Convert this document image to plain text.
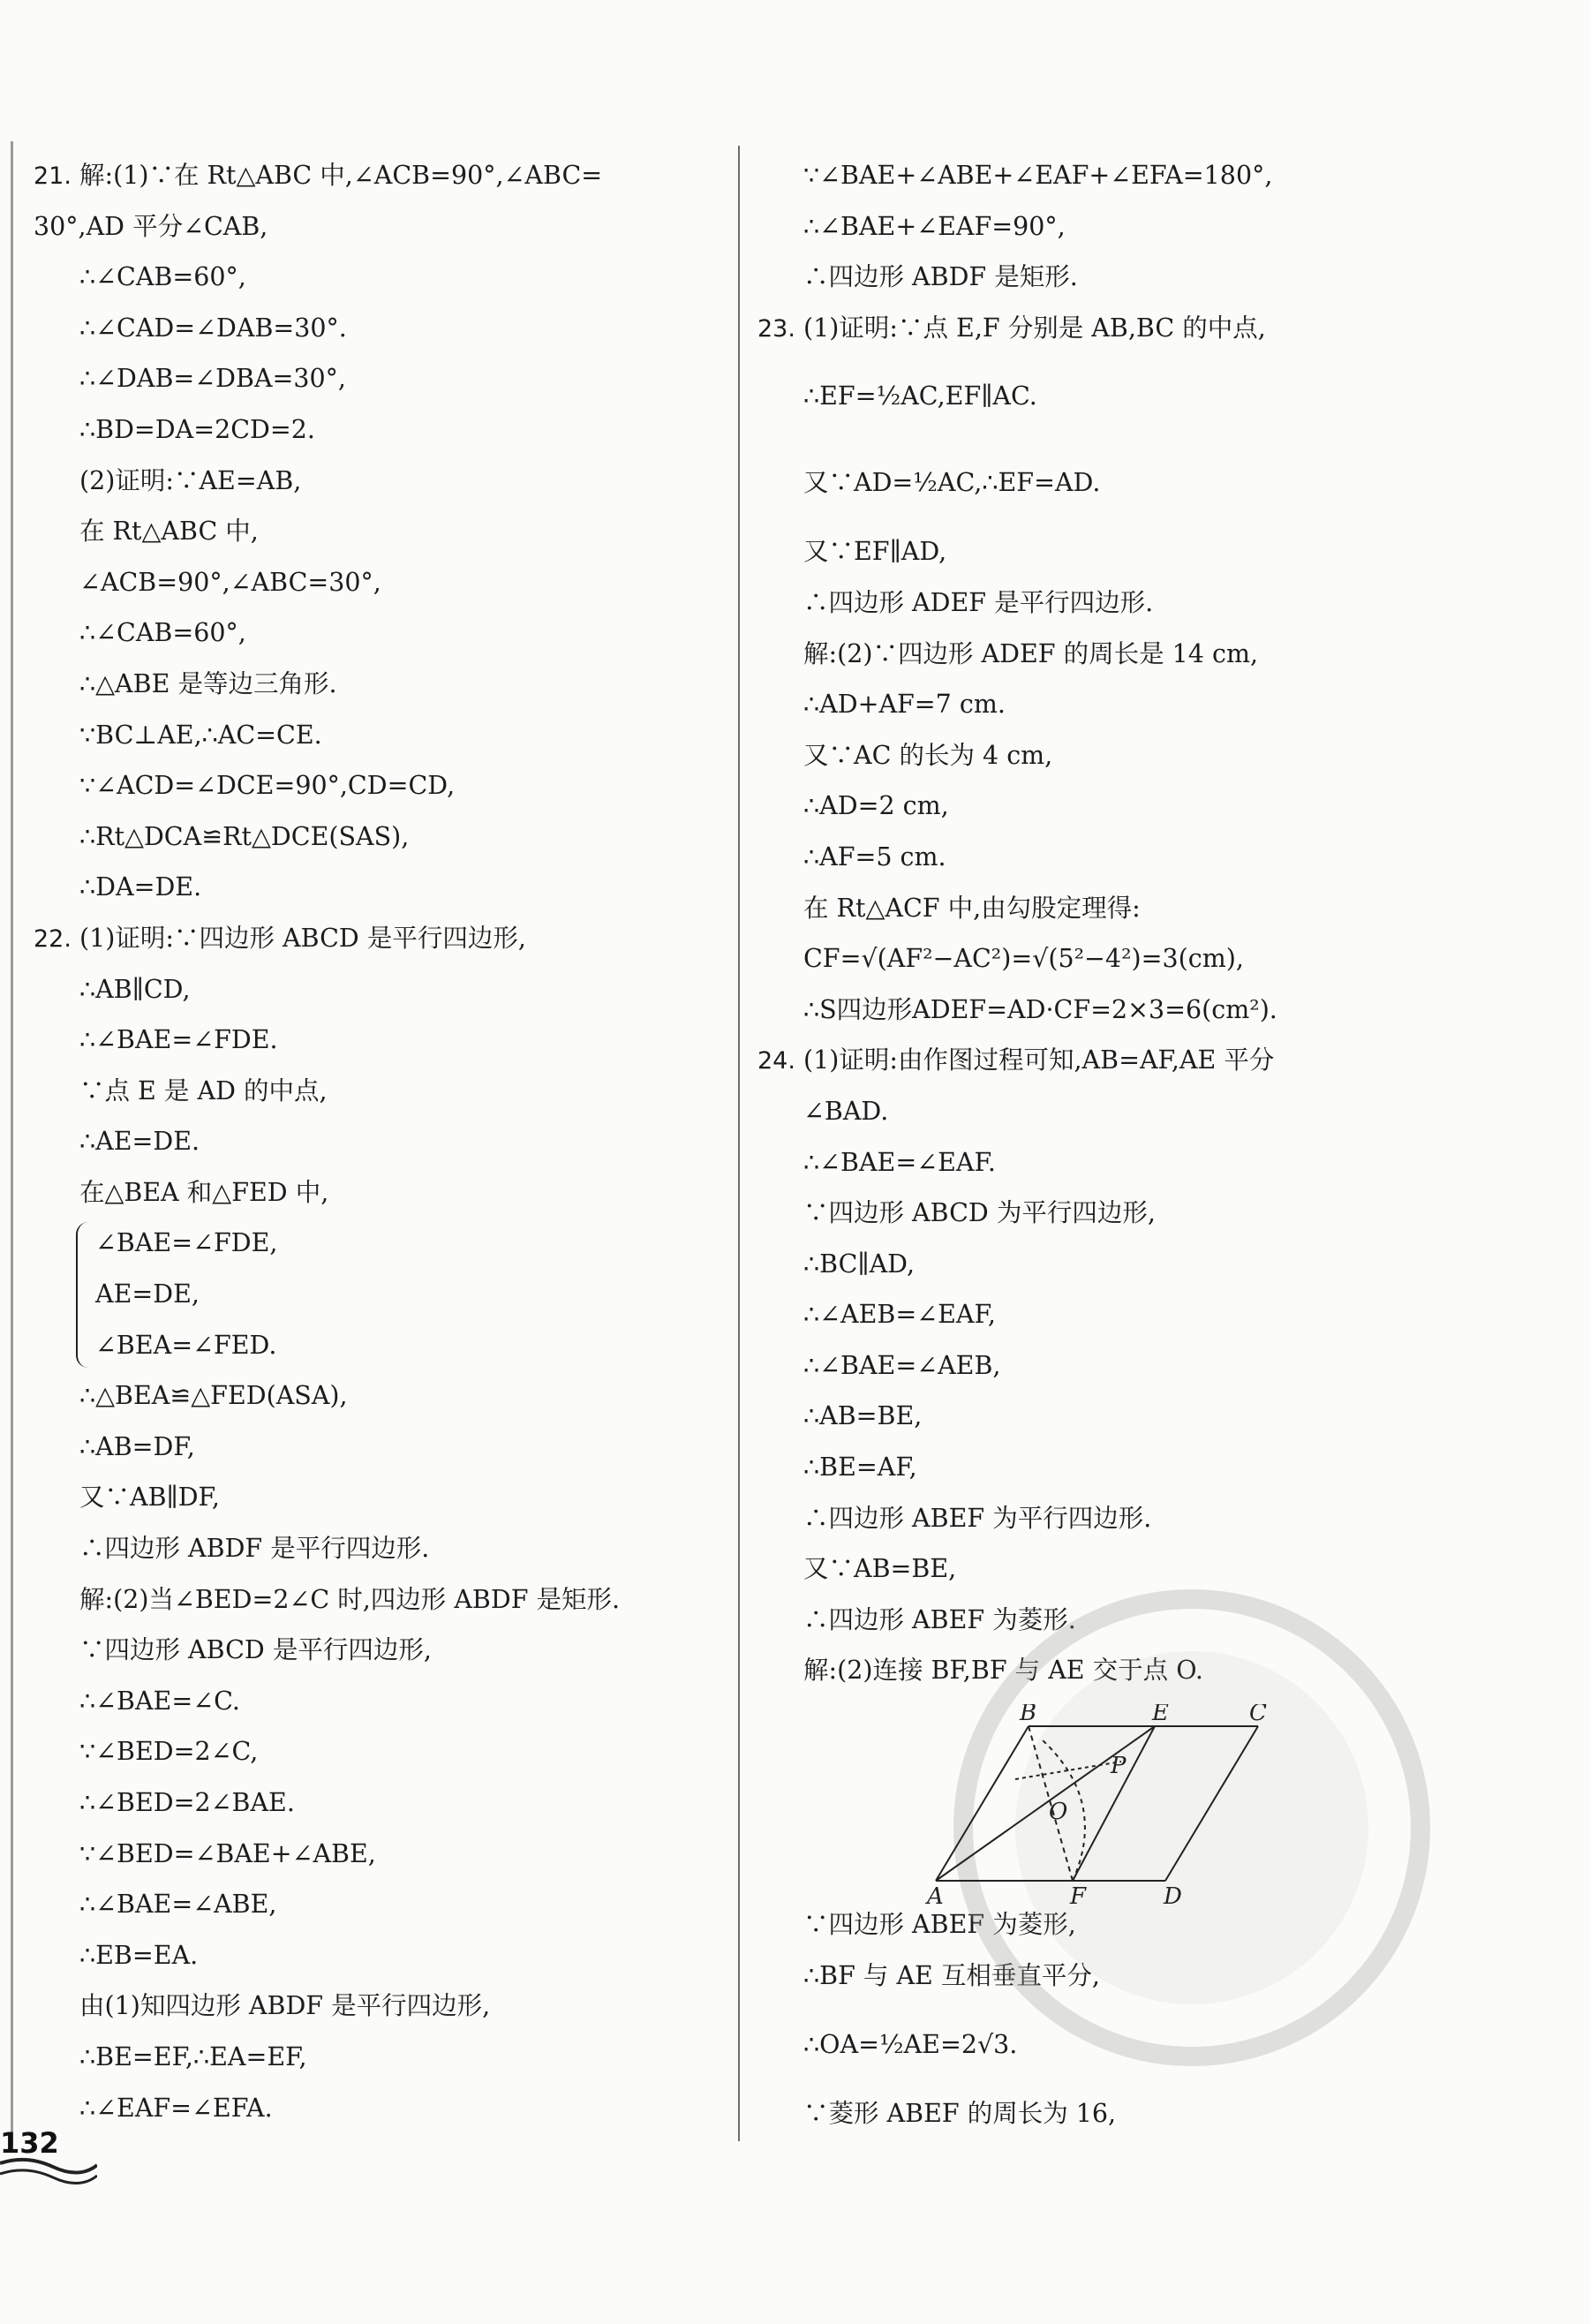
21. 解:(1)∵在 Rt△ABC 中,∠ACB=90°,∠ABC=
30°,AD 平分∠CAB,
∴∠CAB=60°,
∴∠CAD=∠DAB=30°.
∴∠DAB=∠DBA=30°,
∴BD=DA=2CD=2.
(2)证明:∵AE=AB,
在 Rt△ABC 中,
∠ACB=90°,∠ABC=30°,
∴∠CAB=60°,
∴△ABE 是等边三角形.
∵BC⊥AE,∴AC=CE.
∵∠ACD=∠DCE=90°,CD=CD,
∴Rt△DCA≌Rt△DCE(SAS),
∴DA=DE.
22. (1)证明:∵四边形 ABCD 是平行四边形,
∴AB∥CD,
∴∠BAE=∠FDE.
∵点 E 是 AD 的中点,
∴AE=DE.
在△BEA 和△FED 中,
∠BAE=∠FDE,
AE=DE,
∠BEA=∠FED.
∴△BEA≌△FED(ASA),
∴AB=DF,
又∵AB∥DF,
∴四边形 ABDF 是平行四边形.
解:(2)当∠BED=2∠C 时,四边形 ABDF 是矩形.
∵四边形 ABCD 是平行四边形,
∴∠BAE=∠C.
∵∠BED=2∠C,
∴∠BED=2∠BAE.
∵∠BED=∠BAE+∠ABE,
∴∠BAE=∠ABE,
∴EB=EA.
由(1)知四边形 ABDF 是平行四边形,
∴BE=EF,∴EA=EF,
∴∠EAF=∠EFA.
∵∠BAE+∠ABE+∠EAF+∠EFA=180°,
∴∠BAE+∠EAF=90°,
∴四边形 ABDF 是矩形.
23. (1)证明:∵点 E,F 分别是 AB,BC 的中点,
∴EF=½AC,EF∥AC.
又∵AD=½AC,∴EF=AD.
又∵EF∥AD,
∴四边形 ADEF 是平行四边形.
解:(2)∵四边形 ADEF 的周长是 14 cm,
∴AD+AF=7 cm.
又∵AC 的长为 4 cm,
∴AD=2 cm,
∴AF=5 cm.
在 Rt△ACF 中,由勾股定理得:
CF=√(AF²−AC²)=√(5²−4²)=3(cm),
∴S四边形ADEF=AD·CF=2×3=6(cm²).
24. (1)证明:由作图过程可知,AB=AF,AE 平分
∠BAD.
∴∠BAE=∠EAF.
∵四边形 ABCD 为平行四边形,
∴BC∥AD,
∴∠AEB=∠EAF,
∴∠BAE=∠AEB,
∴AB=BE,
∴BE=AF,
∴四边形 ABEF 为平行四边形.
又∵AB=BE,
∴四边形 ABEF 为菱形.
解:(2)连接 BF,BF 与 AE 交于点 O.
∵四边形 ABEF 为菱形,
∴BF 与 AE 互相垂直平分,
∴OA=½AE=2√3.
∵菱形 ABEF 的周长为 16,
B	E	C
P
O
A	F	D
132
